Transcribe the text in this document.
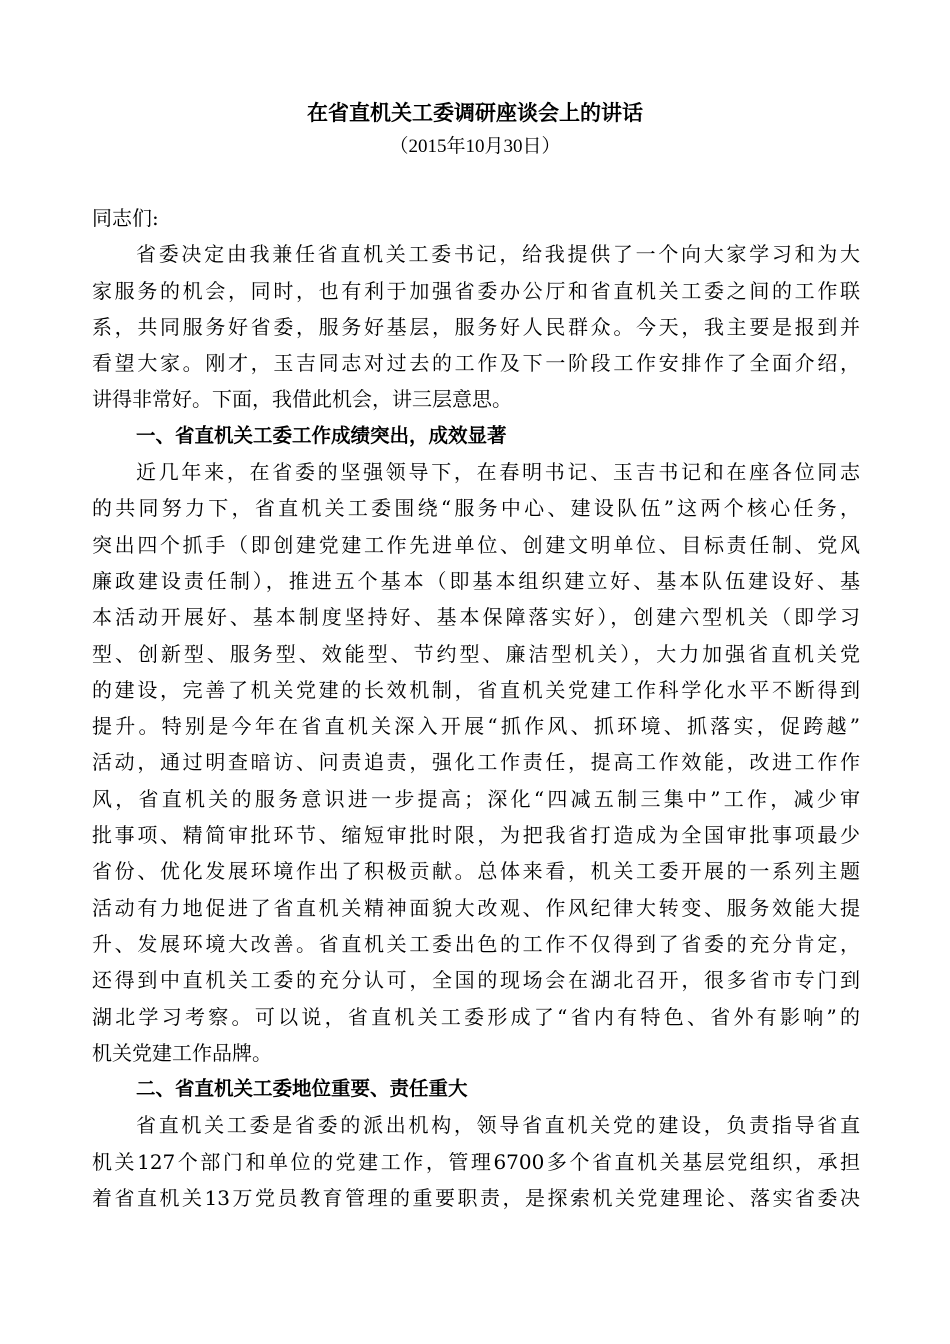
在省直机关工委调研座谈会上的讲话
（2015年10月30日）
同志们:
省委决定由我兼任省直机关工委书记，给我提供了一个向大家学习和为大
家服务的机会，同时，也有利于加强省委办公厅和省直机关工委之间的工作联
系，共同服务好省委，服务好基层，服务好人民群众。今天，我主要是报到并
看望大家。刚才，玉吉同志对过去的工作及下一阶段工作安排作了全面介绍，
讲得非常好。下面，我借此机会，讲三层意思。
一、省直机关工委工作成绩突出，成效显著
近几年来，在省委的坚强领导下，在春明书记、玉吉书记和在座各位同志
的共同努力下，省直机关工委围绕“服务中心、建设队伍”这两个核心任务，
突出四个抓手（即创建党建工作先进单位、创建文明单位、目标责任制、党风
廉政建设责任制），推进五个基本（即基本组织建立好、基本队伍建设好、基
本活动开展好、基本制度坚持好、基本保障落实好），创建六型机关（即学习
型、创新型、服务型、效能型、节约型、廉洁型机关），大力加强省直机关党
的建设，完善了机关党建的长效机制，省直机关党建工作科学化水平不断得到
提升。特别是今年在省直机关深入开展“抓作风、抓环境、抓落实，促跨越”
活动，通过明查暗访、问责追责，强化工作责任，提高工作效能，改进工作作
风，省直机关的服务意识进一步提高；深化“四减五制三集中”工作，减少审
批事项、精简审批环节、缩短审批时限，为把我省打造成为全国审批事项最少
省份、优化发展环境作出了积极贡献。总体来看，机关工委开展的一系列主题
活动有力地促进了省直机关精神面貌大改观、作风纪律大转变、服务效能大提
升、发展环境大改善。省直机关工委出色的工作不仅得到了省委的充分肯定，
还得到中直机关工委的充分认可，全国的现场会在湖北召开，很多省市专门到
湖北学习考察。可以说，省直机关工委形成了“省内有特色、省外有影响”的
机关党建工作品牌。
二、省直机关工委地位重要、责任重大
省直机关工委是省委的派出机构，领导省直机关党的建设，负责指导省直
机关127个部门和单位的党建工作，管理6700多个省直机关基层党组织，承担
着省直机关13万党员教育管理的重要职责，是探索机关党建理论、落实省委决
